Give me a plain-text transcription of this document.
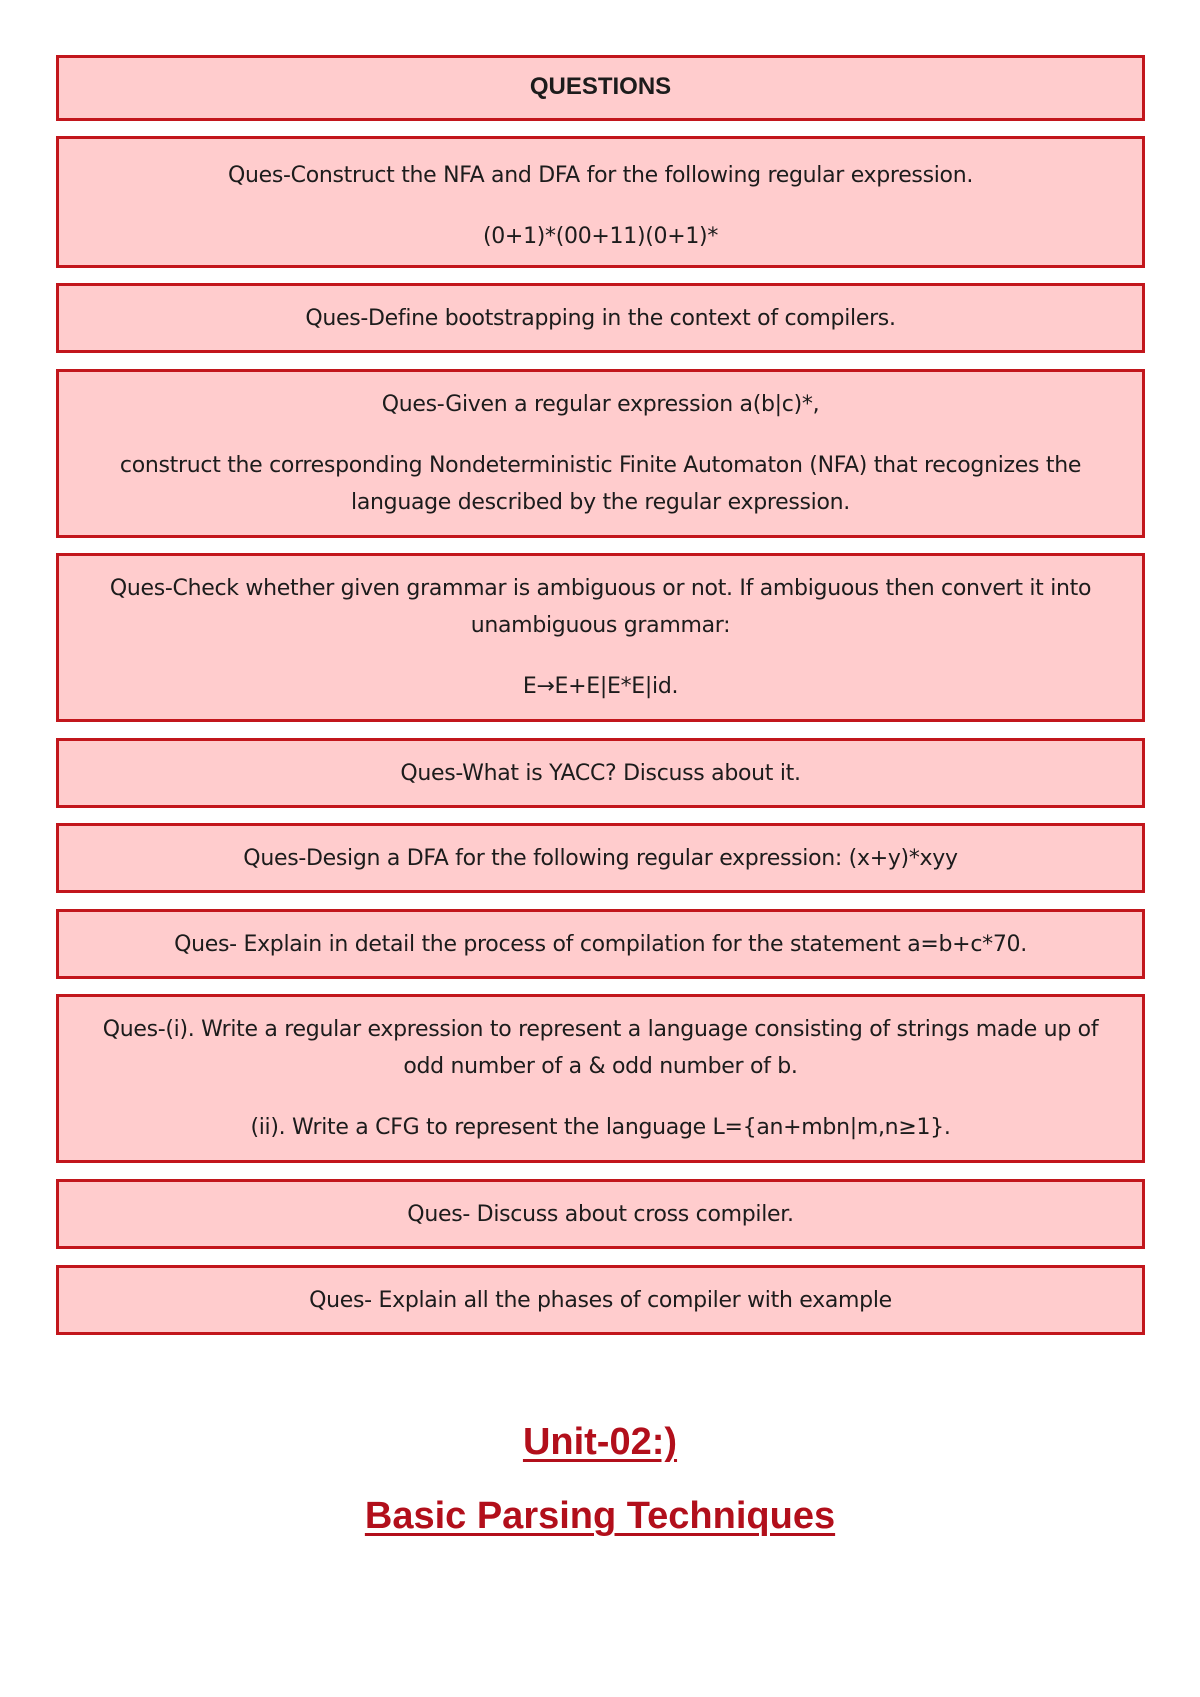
QUESTIONS

Ques-Construct the NFA and DFA for the following regular expression.

(0+1)*(00+11)(0+1)*

Ques-Define bootstrapping in the context of compilers.

Ques-Given a regular expression a(b|c)*,

construct the corresponding Nondeterministic Finite Automaton (NFA) that recognizes the language described by the regular expression.

Ques-Check whether given grammar is ambiguous or not. If ambiguous then convert it into unambiguous grammar:

E→E+E|E*E|id.

Ques-What is YACC? Discuss about it.

Ques-Design a DFA for the following regular expression: (x+y)*xyy

Ques- Explain in detail the process of compilation for the statement a=b+c*70.

Ques-(i). Write a regular expression to represent a language consisting of strings made up of odd number of a & odd number of b.

(ii). Write a CFG to represent the language L={an+mbn|m,n≥1}.

Ques- Discuss about cross compiler.

Ques- Explain all the phases of compiler with example

Unit-02:)
Basic Parsing Techniques
